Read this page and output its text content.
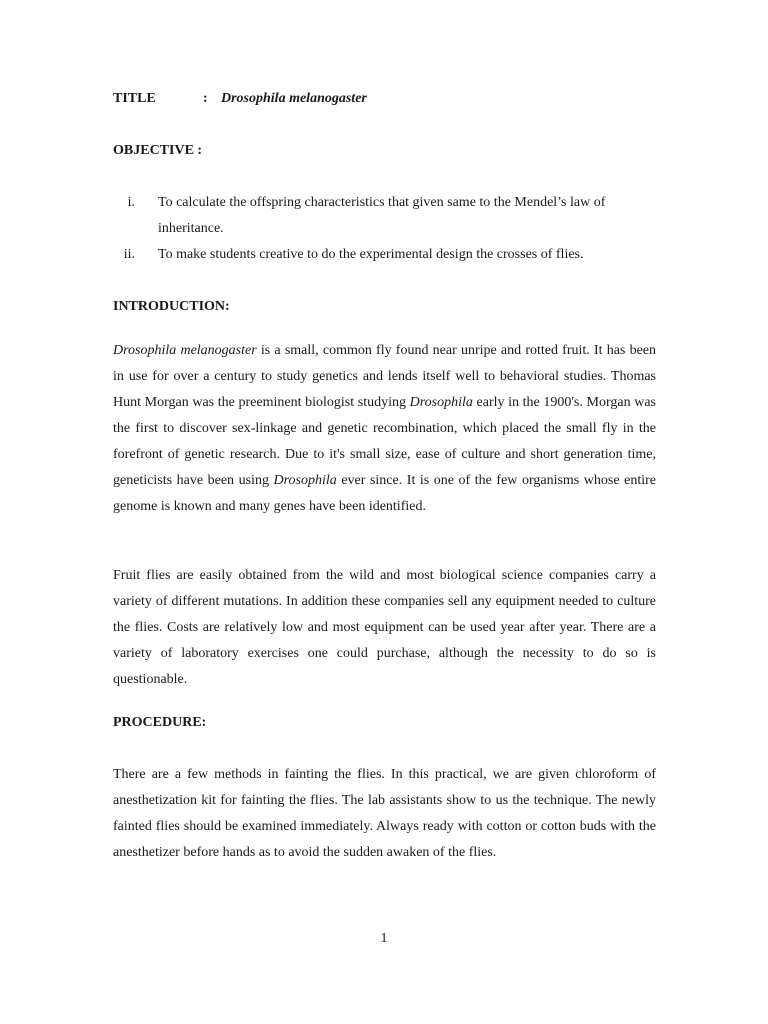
TITLE	: Drosophila melanogaster
OBJECTIVE :
i. To calculate the offspring characteristics that given same to the Mendel’s law of inheritance.
ii. To make students creative to do the experimental design the crosses of flies.
INTRODUCTION:

Drosophila melanogaster is a small, common fly found near unripe and rotted fruit. It has been in use for over a century to study genetics and lends itself well to behavioral studies. Thomas Hunt Morgan was the preeminent biologist studying Drosophila early in the 1900's. Morgan was the first to discover sex-linkage and genetic recombination, which placed the small fly in the forefront of genetic research. Due to it's small size, ease of culture and short generation time, geneticists have been using Drosophila ever since. It is one of the few organisms whose entire genome is known and many genes have been identified.

Fruit flies are easily obtained from the wild and most biological science companies carry a variety of different mutations. In addition these companies sell any equipment needed to culture the flies. Costs are relatively low and most equipment can be used year after year. There are a variety of laboratory exercises one could purchase, although the necessity to do so is questionable.

PROCEDURE:

There are a few methods in fainting the flies. In this practical, we are given chloroform of anesthetization kit for fainting the flies. The lab assistants show to us the technique. The newly fainted flies should be examined immediately. Always ready with cotton or cotton buds with the anesthetizer before hands as to avoid the sudden awaken of the flies.

1
